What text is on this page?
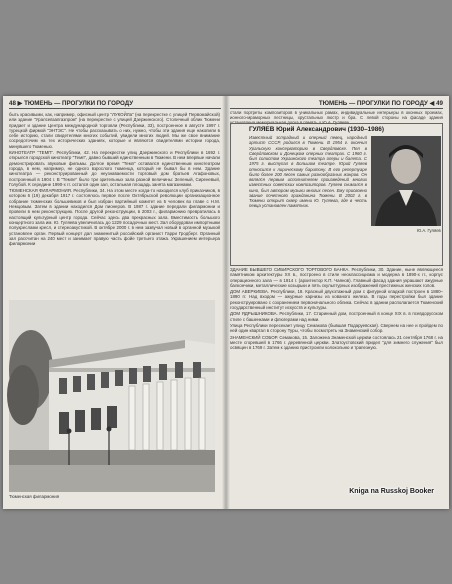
48 ▶ ТЮМЕНЬ — ПРОГУЛКИ ПО ГОРОДУ

быть красивыми, как, например, офисный центр "ЛУКОЙЛа" (на перекрестке с улицей Первомайской) или здание "Уралсевзапгазпром" (на перекрестке с улицей Дзержинского). Столичный облик Тюмени придает и здание Центра международной торговли (Республики, 33), построенное в августе 1997 г. турецкой фирмой "ЭНТЭС". Не чтобы рассказывать о них, нужно, чтобы эти здания еще накопили в себе историю, стали свидетелями многих событий, увидели многих людей. Мы же свое внимание сосредоточим на тех исторических зданиях, которые и являются свидетелями истории города, минувшего Тюменью.

КИНОТЕАТР "ТЕМП". Республики, 42. На перекрестке улиц Дзержинского и Республики в 1692 г. открылся городской кинотеатр "Темп", давно бывший единственным в Тюмени. В нем впервые начали демонстрировать звуковые фильмы. Долгое время "Темп" оставался единственным кинотеатром города, в нем, например, не одного взрослого тюменца, который не бывал бы в нем. Здание кинотеатра — реконструированный до неузнаваемости торговый дом братьев Агафоновых, построенный в 1904 г. В "Темпе" было три зрительных зала разной величины: Зеленый, Сиреневый, Голубой. К середине 1990-х гг. остался один зал, остальная площадь занята магазинами.

ТЮМЕНСКАЯ ФИЛАРМОНИЯ. Республики, 34. На этом месте когда-то находился клуб приказчиков, в котором 6 (19) декабря 1917 г. состоялось первое после Октябрьской революции организационное собрание тюменских большевиков и был избран партийный комитет из 5 человек во главе с Н.М. Немцовым. Затем в здании находился Дом пионеров. В 1987 г. здание передали филармонии и провели в нем реконструкцию. После другой реконструкции, в 2003 г., филармонию превратилась в настоящий культурный центр города. Сейчас здесь два прекрасных зала. Вместимость большого концертного зала им. Ю. Гуляева увеличилась до 1229 посадочных мест. Зал оборудован импортными полукреслами кресл, и стереоакустикой. В октябре 2000 г. в нем зазвучал новый в органной музыкой установлен орган. Первый концерт дал знаменитый российский органист Гарри Гродберг. Органный зал рассчитан на 240 мест и занимает правую часть фойе третьего этажа. Украшением интерьера филармонии

Тюменская филармония
ТЮМЕНЬ — ПРОГУЛКИ ПО ГОРОДУ ◀ 49
стали портреты композиторов в уникальных рамах, индивидуальные интерьеры в оконных проемах, ионного-мраморных лестницы, хрустальных люстр и бра. С левой стороны на фасаде здания установлена мемориальная доска в память о Ю.А. Гуляеве.
ГУЛЯЕВ Юрий Александрович (1930–1986)
Известный эстрадный и оперный певец, народный артист СССР, родился в Тюмени. В 1954 г. окончил Уральскую консерваторию в Свердловске. Пел в Свердловском и Донецком оперных театрах. С 1960 г. был солистом Украинского театра оперы и балета. С 1975 г. выступал в Большом театре. Юрий Гуляев относился к лирическому баритону. В его репертуаре было более 200 песен самых разнообразных жанров. Он являлся первым исполнителем произведений многих известных советских композиторов. Гуляев снимался в кино, был автором музыки многих песен. Ему присвоено звание почетного гражданина Тюмени. В 2002 г. в Тюмени открыт сквер имени Ю. Гуляева, где в честь певца установлен памятник.
Ю.А. Гуляев

ЗДАНИЕ БЫВШЕГО СИБИРСКОГО ТОРГОВОГО БАНКА. Республики, 30. Здание, ныне являющееся памятником архитектуры XX в., построено в стиле неоклассицизма и модерна в 1890-х гг., корпус операционного зала — в 1914 г. (архитектор К.П. Чаянов). Главный фасад здания украшают ажурные балкончики, металлические козырьки и пять скульптурных изображений престижных женских голов.

ДОМ АВЕРКИЕВА. Республики, 18. Красный двухэтажный дом с фигурной кладкой построен в 1880–1890 гг. Над входом — ажурные карнизы из кованого железа. В годы перестройки был здание реконструировано с сохранением первоначального облика. Сейчас в здании располагается Тюменский государственный институт искусств и культуры.

ДОМ ЯДРЫШНИКОВА. Республики, 17. Старинный дом, построенный в конце XIX в. в псевдорусском стиле с башенками и флюгерами над ними.

Улица Республики пересекает улицу Семакова (бывшая Подаруевская). Свернем на нее и пройдем по ней один квартал в сторону Туры, чтобы посмотреть на Знаменский собор.

ЗНАМЕНСКИЙ СОБОР. Семакова, 15. Заложена Знаменской церкви состоялась 21 сентября 1768 г. на месте сгоревшей в 1766 г. деревянной церкви. Златоустовский придел "для зимнего служения" был освящен в 1769 г. Затем к зданию пристроили колокольню и трапезную.

Kniga na Russkoj Booker
